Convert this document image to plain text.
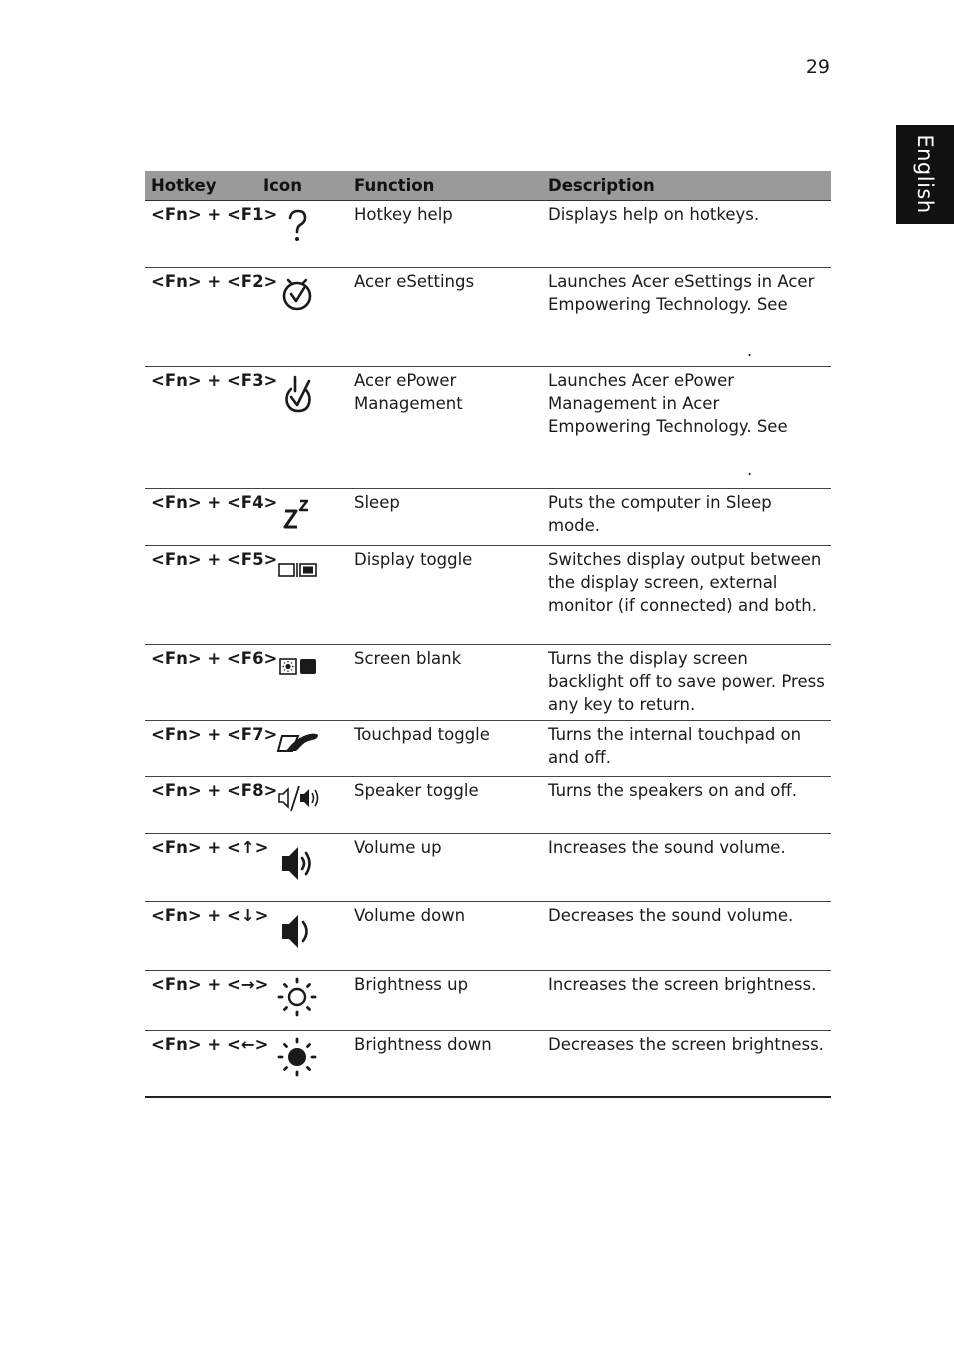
29
English
Hotkey	Icon	Function	Description
<Fn> + <F1>		Hotkey help	Displays help on hotkeys.
<Fn> + <F2>		Acer eSettings	Launches Acer eSettings in Acer Empowering Technology. See
.

<Fn> + <F3>		Acer ePower Management	Launches Acer ePower Management in Acer Empowering Technology. See
.

<Fn> + <F4>		Sleep	Puts the computer in Sleep mode.
<Fn> + <F5>		Display toggle	Switches display output between the display screen, external monitor (if connected) and both.
<Fn> + <F6>		Screen blank	Turns the display screen backlight off to save power. Press any key to return.
<Fn> + <F7>		Touchpad toggle	Turns the internal touchpad on and off.
<Fn> + <F8>		Speaker toggle	Turns the speakers on and off.
<Fn> + <↑>		Volume up	Increases the sound volume.
<Fn> + <↓>		Volume down	Decreases the sound volume.
<Fn> + <→>		Brightness up	Increases the screen brightness.
<Fn> + <←>		Brightness down	Decreases the screen brightness.
